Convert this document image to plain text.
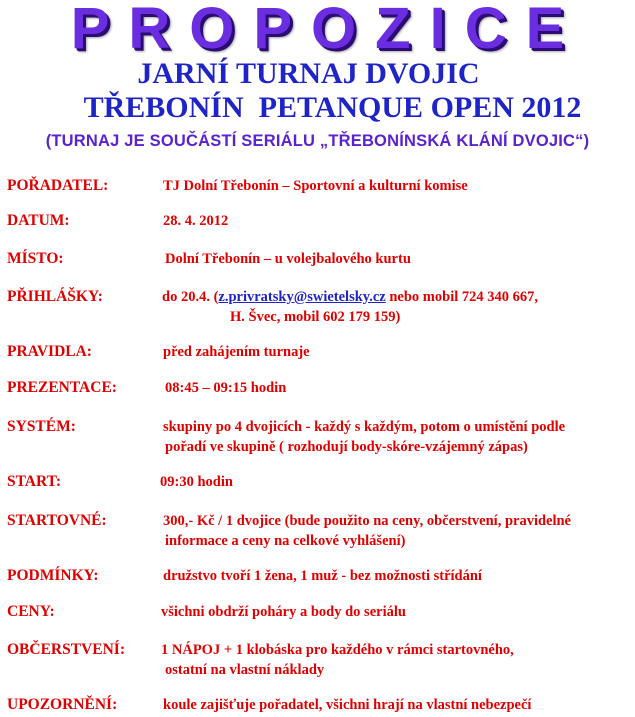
PROPOZICE
JARNÍ TURNAJ DVOJIC
TŘEBONÍN  PETANQUE OPEN 2012
(TURNAJ JE SOUČÁSTÍ SERIÁLU „TŘEBONÍNSKÁ KLÁNÍ DVOJIC“)
POŘADATEL:	TJ Dolní Třebonín – Sportovní a kulturní komise
DATUM:	28. 4. 2012
MÍSTO:	Dolní Třebonín – u volejbalového kurtu
PŘIHLÁŠKY:	do 20.4. (z.privratsky@swietelsky.cz nebo mobil 724 340 667,
H. Švec, mobil 602 179 159)
PRAVIDLA:	před zahájením turnaje
PREZENTACE:	08:45 – 09:15 hodin
SYSTÉM:	skupiny po 4 dvojicích - každý s každým, potom o umístění podle
pořadí ve skupině ( rozhodují body-skóre-vzájemný zápas)
START:	09:30 hodin
STARTOVNÉ:	300,- Kč / 1 dvojice (bude použito na ceny, občerstvení, pravidelné
informace a ceny na celkové vyhlášení)
PODMÍNKY:	družstvo tvoří 1 žena, 1 muž - bez možnosti střídání
CENY:	všichni obdrží poháry a body do seriálu
OBČERSTVENÍ: 1 NÁPOJ + 1 klobáska pro každého v rámci startovného,
ostatní na vlastní náklady
UPOZORNĚNÍ:	koule zajišťuje pořadatel, všichni hrají na vlastní nebezpečí
